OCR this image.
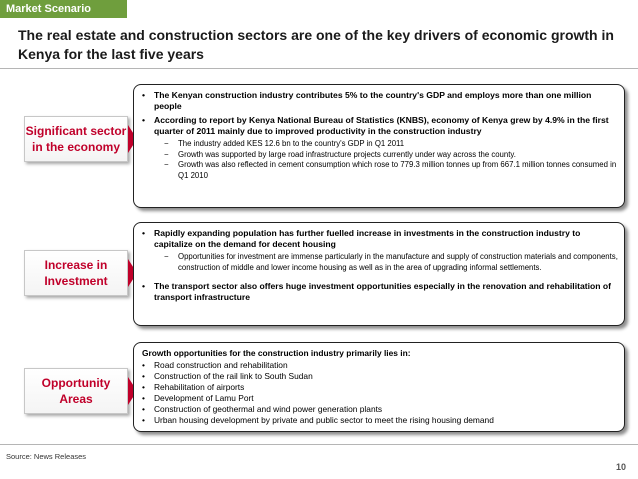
Market Scenario
The real estate and construction sectors are one of the key drivers of economic growth in Kenya for the last five years
Significant sector in the economy
•	The Kenyan construction industry contributes 5% to the country's GDP and employs more than one million people
•	According to report by Kenya National Bureau of Statistics (KNBS), economy of Kenya grew by 4.9% in the first quarter of 2011 mainly due to improved productivity in the construction industry
−	The industry added KES 12.6 bn to the country's GDP in Q1 2011
−	Growth was supported by large road infrastructure projects currently under way across the county.
−	Growth was also reflected in cement consumption which rose to 779.3 million tonnes up from 667.1 million tonnes consumed in Q1 2010
Increase in Investment
•	Rapidly expanding population has further fuelled increase in investments in the construction industry to capitalize on the demand for decent housing
−	Opportunities for investment are immense particularly in the manufacture and supply of construction materials and components, construction of middle and lower income housing as well as in the area of upgrading informal settlements.
•	The transport sector also offers huge investment opportunities especially in the renovation and rehabilitation of transport infrastructure
Opportunity Areas
Growth opportunities for the construction industry primarily lies in:
•	Road construction and rehabilitation
•	Construction of the rail link to South Sudan
•	Rehabilitation of airports
•	Development of Lamu Port
•	Construction of geothermal and wind power generation plants
•	Urban housing development by private and public sector to meet the rising housing demand
Source: News Releases
10
